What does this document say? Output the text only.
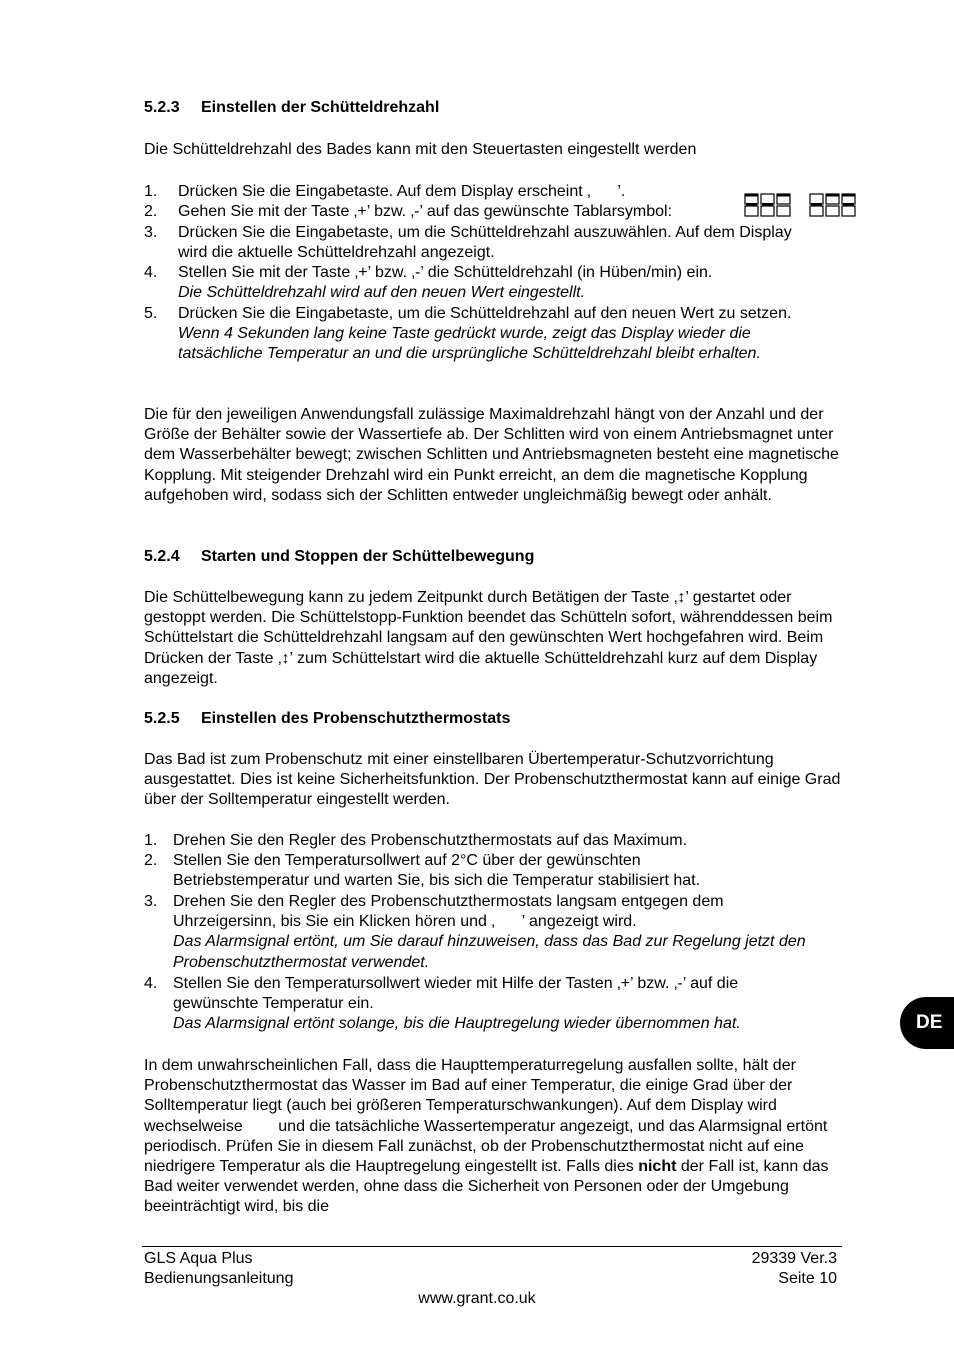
5.2.3 Einstellen der Schütteldrehzahl

Die Schütteldrehzahl des Bades kann mit den Steuertasten eingestellt werden

1. Drücken Sie die Eingabetaste. Auf dem Display erscheint ‚      ’.
2. Gehen Sie mit der Taste ‚+’ bzw. ‚-’ auf das gewünschte Tablarsymbol:
3. Drücken Sie die Eingabetaste, um die Schütteldrehzahl auszuwählen. Auf dem Display wird die aktuelle Schütteldrehzahl angezeigt.
4. Stellen Sie mit der Taste ‚+’ bzw. ‚-’ die Schütteldrehzahl (in Hüben/min) ein.
Die Schütteldrehzahl wird auf den neuen Wert eingestellt.
5. Drücken Sie die Eingabetaste, um die Schütteldrehzahl auf den neuen Wert zu setzen.
Wenn 4 Sekunden lang keine Taste gedrückt wurde, zeigt das Display wieder die tatsächliche Temperatur an und die ursprüngliche Schütteldrehzahl bleibt erhalten.

Die für den jeweiligen Anwendungsfall zulässige Maximaldrehzahl hängt von der Anzahl und der Größe der Behälter sowie der Wassertiefe ab. Der Schlitten wird von einem Antriebsmagnet unter dem Wasserbehälter bewegt; zwischen Schlitten und Antriebsmagneten besteht eine magnetische Kopplung. Mit steigender Drehzahl wird ein Punkt erreicht, an dem die magnetische Kopplung aufgehoben wird, sodass sich der Schlitten entweder ungleichmäßig bewegt oder anhält.

5.2.4 Starten und Stoppen der Schüttelbewegung

Die Schüttelbewegung kann zu jedem Zeitpunkt durch Betätigen der Taste ‚↕’ gestartet oder gestoppt werden. Die Schüttelstopp-Funktion beendet das Schütteln sofort, währenddessen beim Schüttelstart die Schütteldrehzahl langsam auf den gewünschten Wert hochgefahren wird. Beim Drücken der Taste ‚↕’ zum Schüttelstart wird die aktuelle Schütteldrehzahl kurz auf dem Display angezeigt.

5.2.5 Einstellen des Probenschutzthermostats

Das Bad ist zum Probenschutz mit einer einstellbaren Übertemperatur-Schutzvorrichtung ausgestattet. Dies ist keine Sicherheitsfunktion. Der Probenschutzthermostat kann auf einige Grad über der Solltemperatur eingestellt werden.

1. Drehen Sie den Regler des Probenschutzthermostats auf das Maximum.
2. Stellen Sie den Temperatursollwert auf 2°C über der gewünschten Betriebstemperatur und warten Sie, bis sich die Temperatur stabilisiert hat.
3. Drehen Sie den Regler des Probenschutzthermostats langsam entgegen dem Uhrzeigersinn, bis Sie ein Klicken hören und ‚      ’ angezeigt wird.
Das Alarmsignal ertönt, um Sie darauf hinzuweisen, dass das Bad zur Regelung jetzt den Probenschutzthermostat verwendet.
4. Stellen Sie den Temperatursollwert wieder mit Hilfe der Tasten ‚+’ bzw. ‚-’ auf die gewünschte Temperatur ein.
Das Alarmsignal ertönt solange, bis die Hauptregelung wieder übernommen hat.

In dem unwahrscheinlichen Fall, dass die Haupttemperaturregelung ausfallen sollte, hält der Probenschutzthermostat das Wasser im Bad auf einer Temperatur, die einige Grad über der Solltemperatur liegt (auch bei größeren Temperaturschwankungen). Auf dem Display wird wechselweise        und die tatsächliche Wassertemperatur angezeigt, und das Alarmsignal ertönt periodisch. Prüfen Sie in diesem Fall zunächst, ob der Probenschutzthermostat nicht auf eine niedrigere Temperatur als die Hauptregelung eingestellt ist. Falls dies nicht der Fall ist, kann das Bad weiter verwendet werden, ohne dass die Sicherheit von Personen oder der Umgebung beeinträchtigt wird, bis die

DE
GLS Aqua Plus
Bedienungsanleitung
29339 Ver.3
Seite 10
www.grant.co.uk
